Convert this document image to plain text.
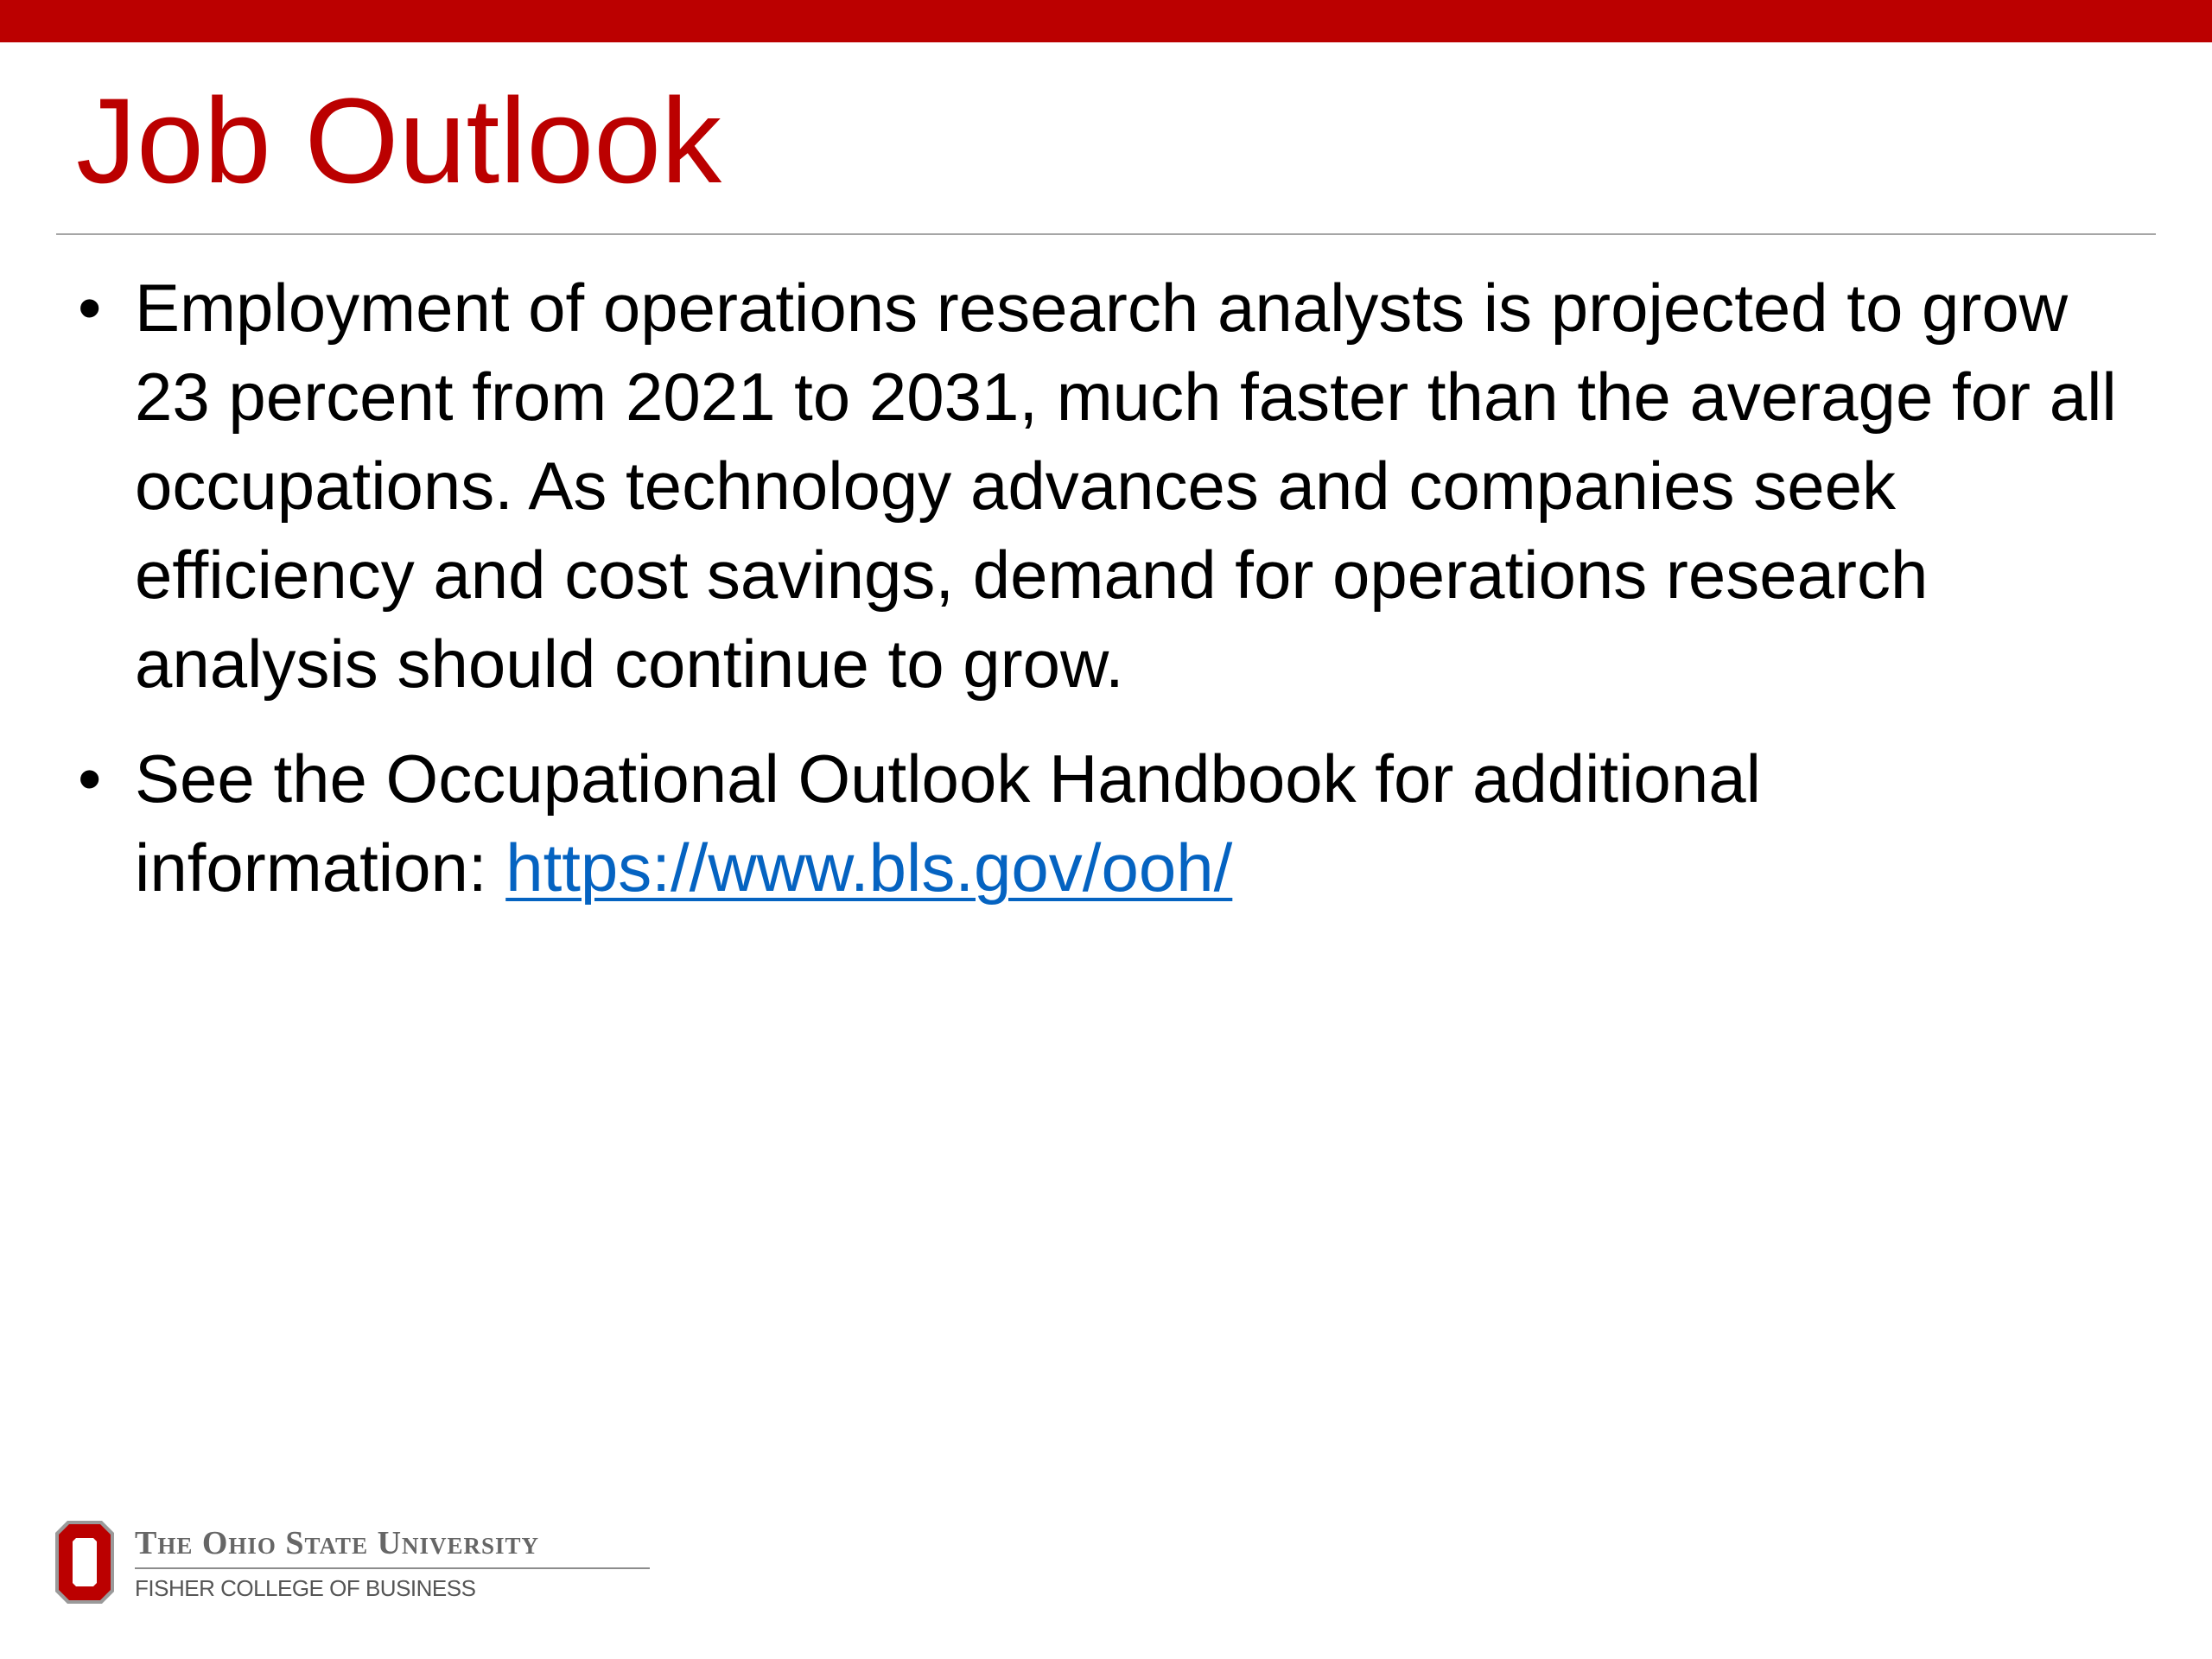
Job Outlook
• Employment of operations research analysts is projected to grow 23 percent from 2021 to 2031, much faster than the average for all occupations. As technology advances and companies seek efficiency and cost savings, demand for operations research analysis should continue to grow.
• See the Occupational Outlook Handbook for additional information: https://www.bls.gov/ooh/
The Ohio State University
FISHER COLLEGE OF BUSINESS
